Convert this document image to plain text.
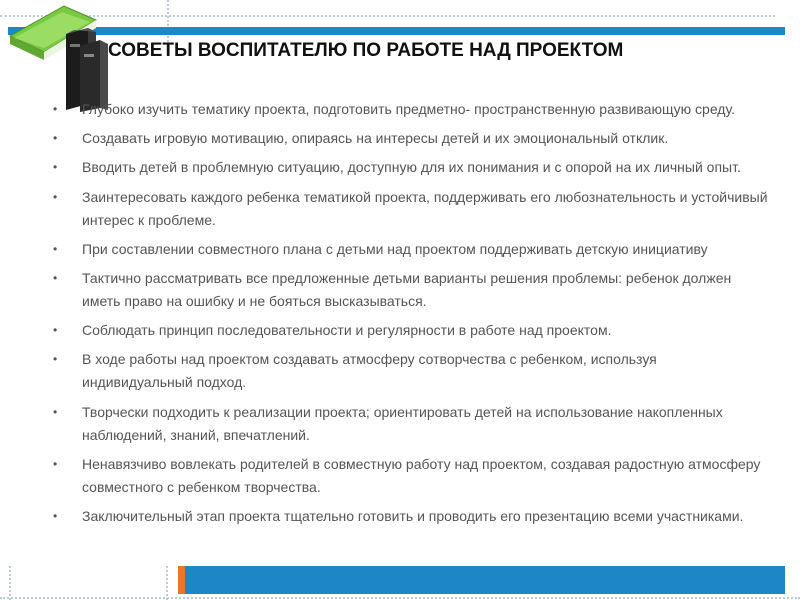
СОВЕТЫ ВОСПИТАТЕЛЮ ПО РАБОТЕ НАД ПРОЕКТОМ
• Глубоко изучить тематику проекта, подготовить предметно- пространственную развивающую среду.
• Создавать игровую мотивацию, опираясь на интересы детей и их эмоциональный отклик.
• Вводить детей в проблемную ситуацию, доступную для их понимания и с опорой на их личный опыт.
• Заинтересовать каждого ребенка тематикой проекта, поддерживать его любознательность и устойчивый интерес к проблеме.
• При составлении совместного плана с детьми над проектом поддерживать детскую инициативу
• Тактично рассматривать все предложенные детьми варианты решения проблемы: ребенок должен иметь право на ошибку и не бояться высказываться.
• Соблюдать принцип последовательности и регулярности в работе над проектом.
• В ходе работы над проектом создавать атмосферу сотворчества с ребенком, используя индивидуальный подход.
• Творчески подходить к реализации проекта; ориентировать детей на использование накопленных наблюдений, знаний, впечатлений.
• Ненавязчиво вовлекать родителей в совместную работу над проектом, создавая радостную атмосферу совместного с ребенком творчества.
• Заключительный этап проекта тщательно готовить и проводить его презентацию всеми участниками.
